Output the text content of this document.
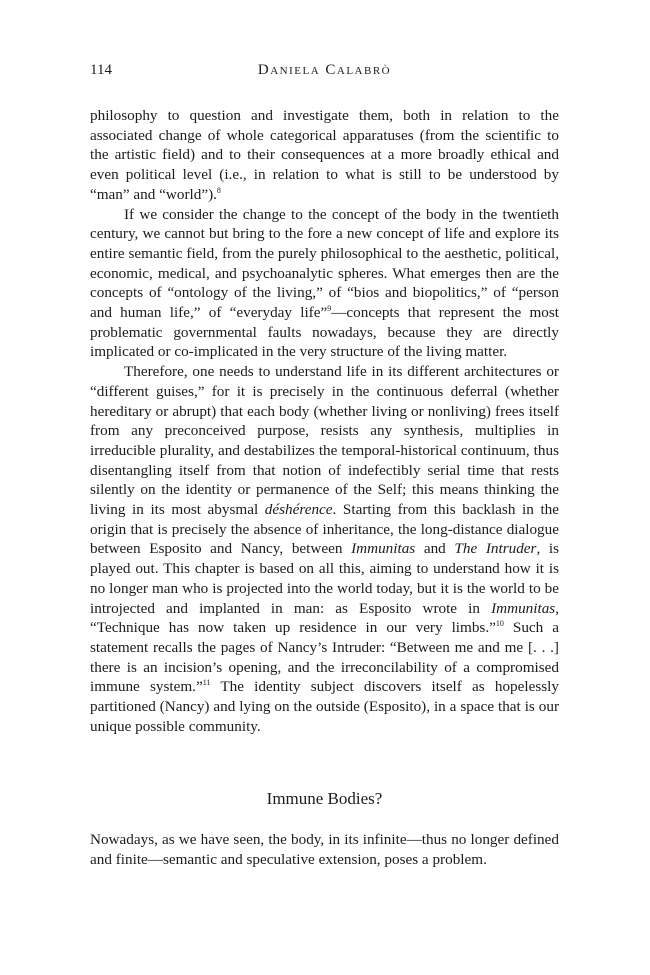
114	Daniela Calabrò

philosophy to question and investigate them, both in relation to the associated change of whole categorical apparatuses (from the scientific to the artistic field) and to their consequences at a more broadly ethical and even political level (i.e., in relation to what is still to be understood by “man” and “world”).$^8$

If we consider the change to the concept of the body in the twentieth century, we cannot but bring to the fore a new concept of life and explore its entire semantic field, from the purely philosophical to the aesthetic, political, economic, medical, and psychoanalytic spheres. What emerges then are the concepts of “ontology of the living,” of “bios and biopolitics,” of “person and human life,” of “everyday life”$^9$—concepts that represent the most problematic governmental faults nowadays, because they are directly implicated or co-implicated in the very structure of the living matter.

Therefore, one needs to understand life in its different architectures or “different guises,” for it is precisely in the continuous deferral (whether hereditary or abrupt) that each body (whether living or nonliving) frees itself from any preconceived purpose, resists any synthesis, multiplies in irreducible plurality, and destabilizes the temporal-historical continuum, thus disentangling itself from that notion of indefectibly serial time that rests silently on the identity or permanence of the Self; this means thinking the living in its most abysmal déshérence. Starting from this backlash in the origin that is precisely the absence of inheritance, the long-distance dialogue between Esposito and Nancy, between Immunitas and The Intruder, is played out. This chapter is based on all this, aiming to understand how it is no longer man who is projected into the world today, but it is the world to be introjected and implanted in man: as Esposito wrote in Immunitas, “Technique has now taken up residence in our very limbs.”$^{10}$ Such a statement recalls the pages of Nancy’s Intruder: “Between me and me [. . .] there is an incision’s opening, and the irreconcilability of a compromised immune system.”$^{11}$ The identity subject discovers itself as hopelessly partitioned (Nancy) and lying on the outside (Esposito), in a space that is our unique possible community.

Immune Bodies?

Nowadays, as we have seen, the body, in its infinite—thus no longer defined and finite—semantic and speculative extension, poses a problem.
